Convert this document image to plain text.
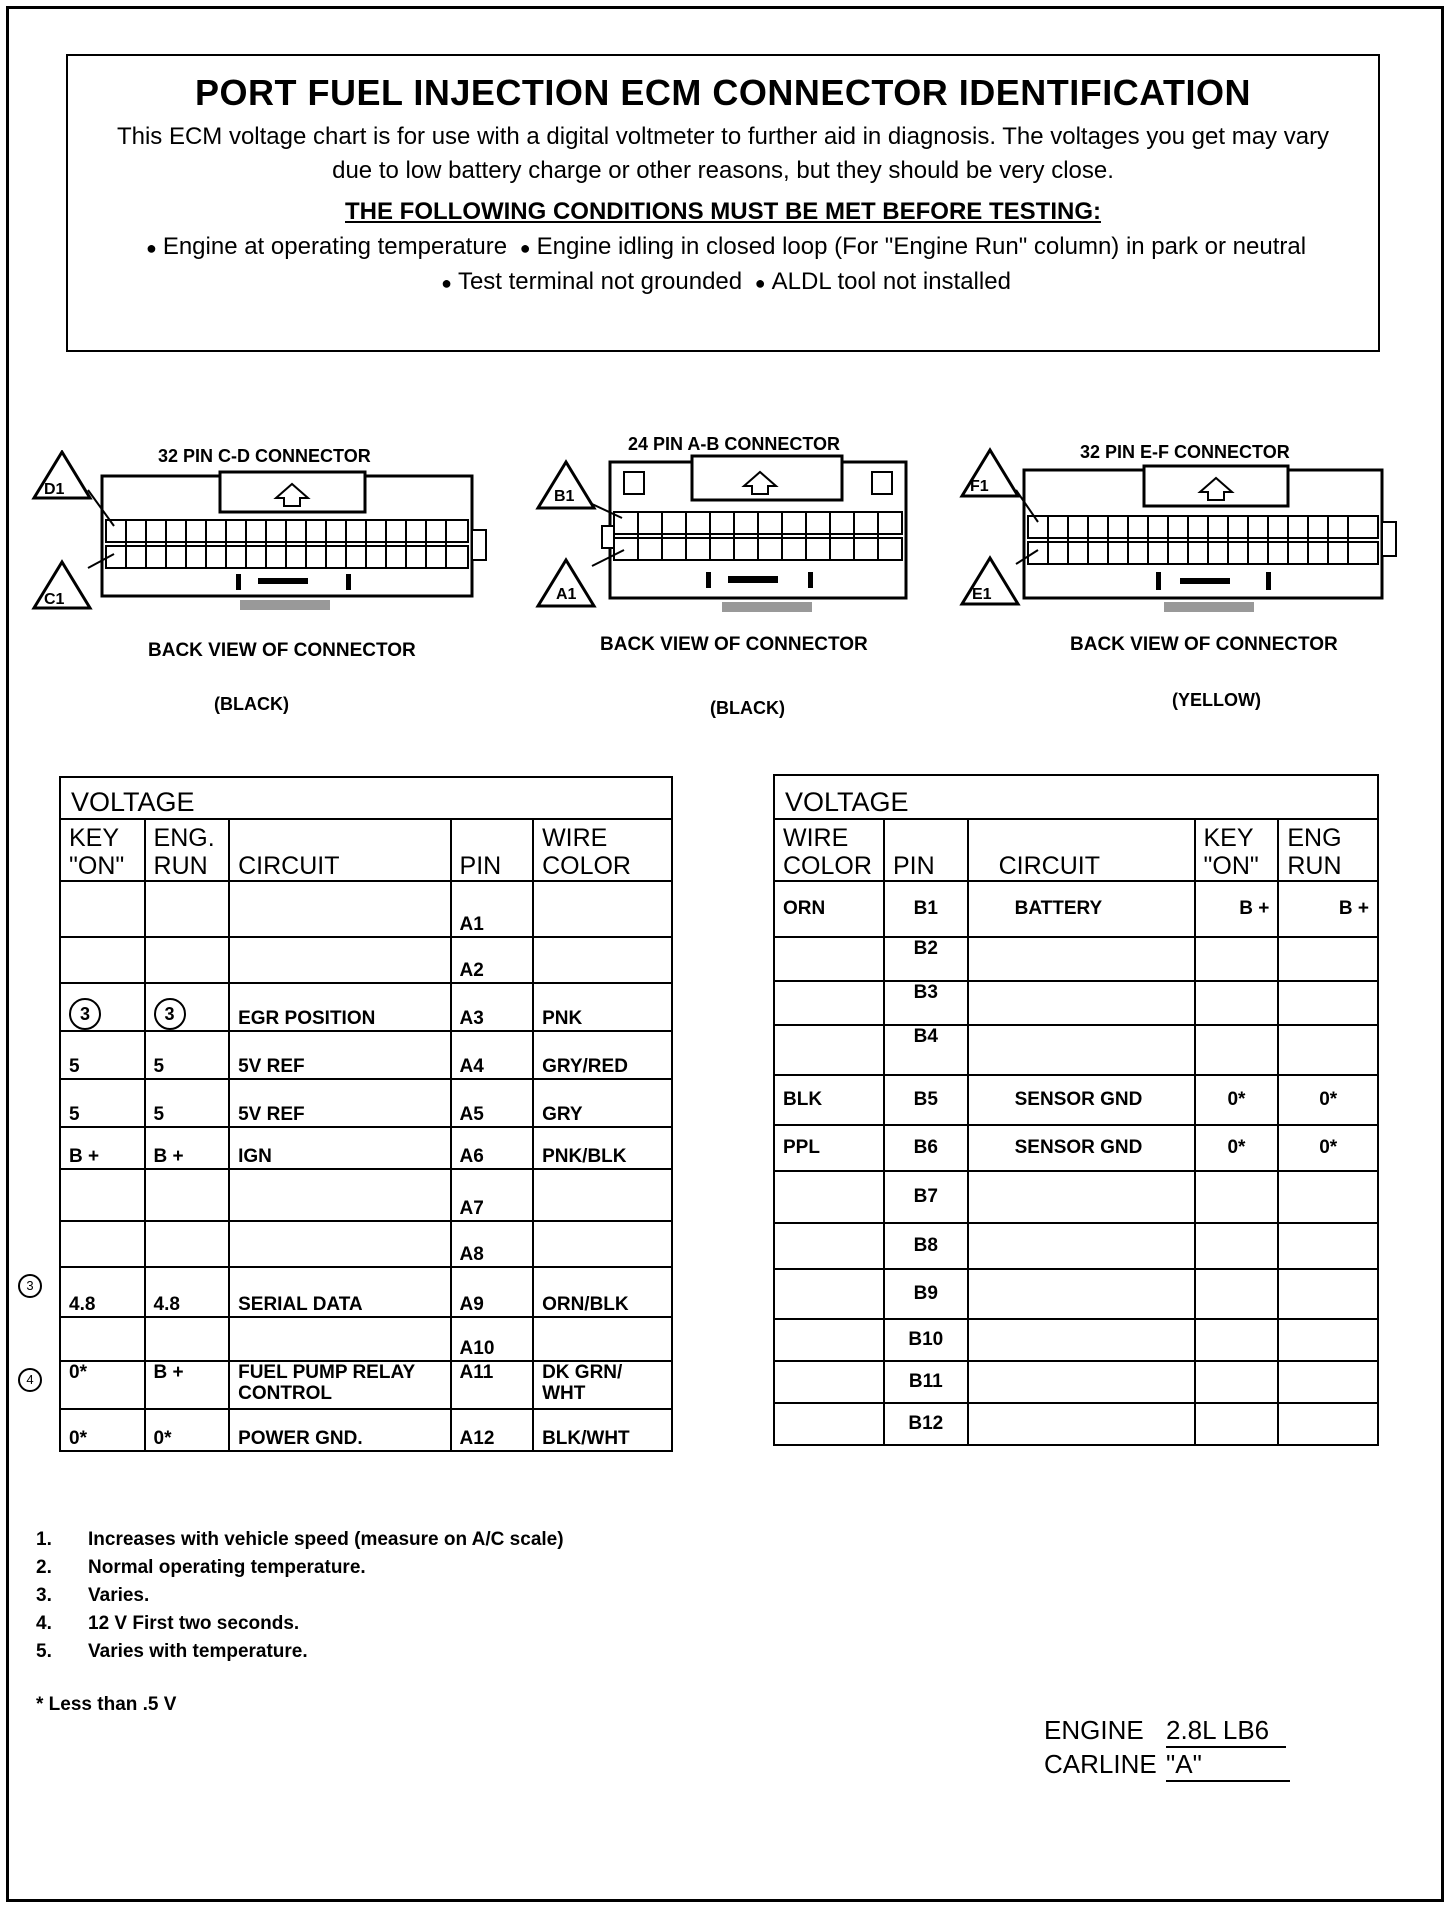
PORT FUEL INJECTION ECM CONNECTOR IDENTIFICATION
This ECM voltage chart is for use with a digital voltmeter to further aid in diagnosis. The voltages you get may vary due to low battery charge or other reasons, but they should be very close.
THE FOLLOWING CONDITIONS MUST BE MET BEFORE TESTING:
● Engine at operating temperature ● Engine idling in closed loop (For "Engine Run" column) in park or neutral ● Test terminal not grounded ● ALDL tool not installed
32 PIN C-D CONNECTOR
D1
C1
BACK VIEW OF CONNECTOR
(BLACK)
24 PIN A-B CONNECTOR
B1
A1
BACK VIEW OF CONNECTOR
(BLACK)
32 PIN E-F CONNECTOR
F1
E1
BACK VIEW OF CONNECTOR
(YELLOW)
VOLTAGE				
KEY "ON"	ENG. RUN	CIRCUIT	PIN	WIRE COLOR
			A1	
			A2	
3	3	EGR POSITION	A3	PNK
5	5	5V REF	A4	GRY/RED
5	5	5V REF	A5	GRY
B +	B +	IGN	A6	PNK/BLK
			A7	
			A8	
4.8	4.8	SERIAL DATA	A9	ORN/BLK
			A10	
0*	B +	FUEL PUMP RELAY CONTROL	A11	DK GRN/ WHT
0*	0*	POWER GND.	A12	BLK/WHT
3
4
VOLTAGE				
WIRE COLOR	PIN	CIRCUIT	KEY "ON"	ENG RUN
ORN	B1	BATTERY	B +	B +
	B2			
	B3			
	B4			
BLK	B5	SENSOR GND	0*	0*
PPL	B6	SENSOR GND	0*	0*
	B7			
	B8			
	B9			
	B10			
	B11			
	B12			
1. Increases with vehicle speed (measure on A/C scale)
2. Normal operating temperature.
3. Varies.
4. 12 V First two seconds.
5. Varies with temperature.
* Less than .5 V
ENGINE 2.8L LB6
CARLINE "A"
